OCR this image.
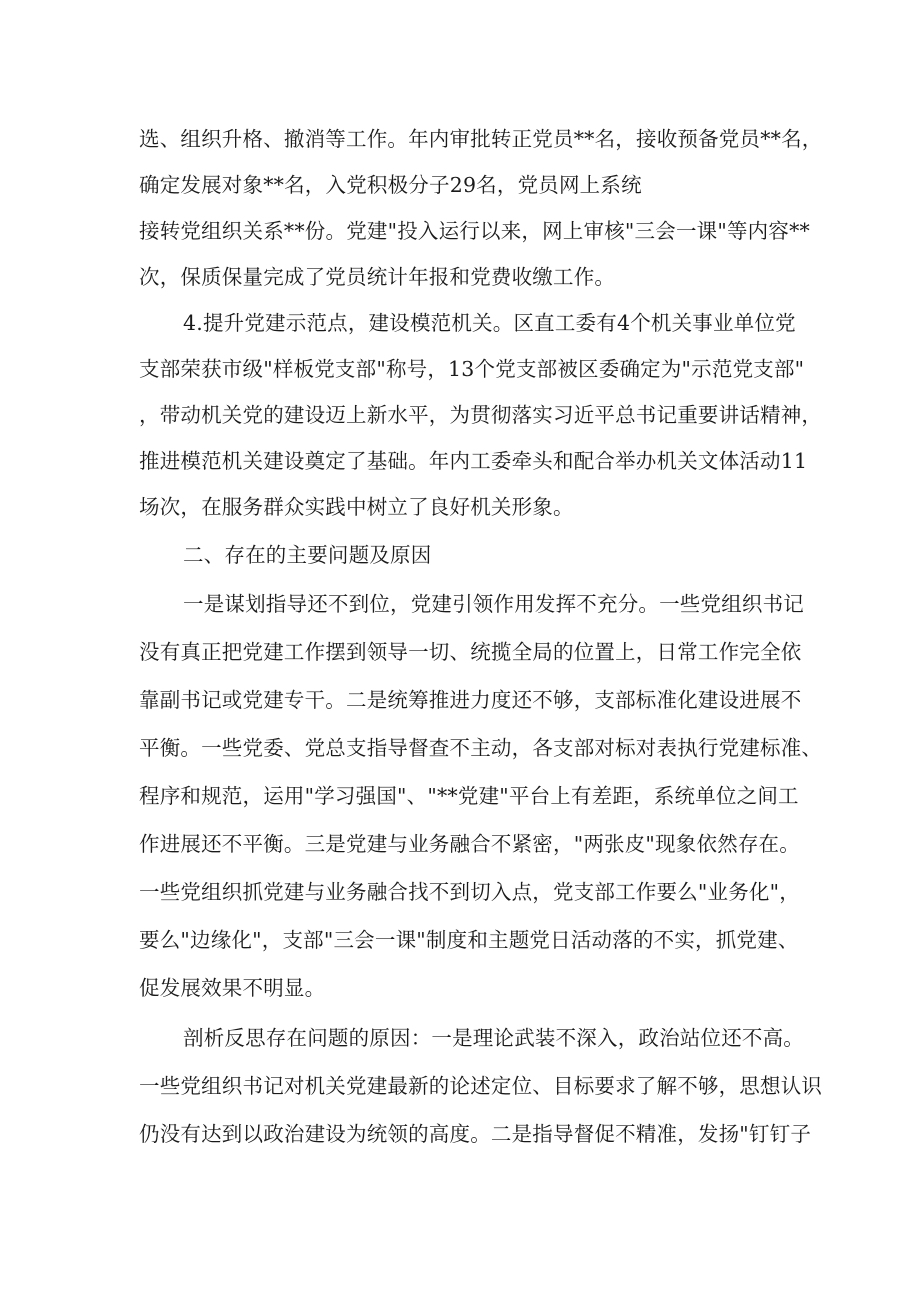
选、组织升格、撤消等工作。年内审批转正党员**名，接收预备党员**名，
确定发展对象**名，入党积极分子29名，党员网上系统
接转党组织关系**份。党建"投入运行以来，网上审核"三会一课"等内容**
次，保质保量完成了党员统计年报和党费收缴工作。
4.提升党建示范点，建设模范机关。区直工委有4个机关事业单位党
支部荣获市级"样板党支部"称号，13个党支部被区委确定为"示范党支部"
，带动机关党的建设迈上新水平，为贯彻落实习近平总书记重要讲话精神，
推进模范机关建设奠定了基础。年内工委牵头和配合举办机关文体活动11
场次，在服务群众实践中树立了良好机关形象。
二、存在的主要问题及原因
一是谋划指导还不到位，党建引领作用发挥不充分。一些党组织书记
没有真正把党建工作摆到领导一切、统揽全局的位置上，日常工作完全依
靠副书记或党建专干。二是统筹推进力度还不够，支部标准化建设进展不
平衡。一些党委、党总支指导督查不主动，各支部对标对表执行党建标准、
程序和规范，运用"学习强国"、"**党建"平台上有差距，系统单位之间工
作进展还不平衡。三是党建与业务融合不紧密，"两张皮"现象依然存在。
一些党组织抓党建与业务融合找不到切入点，党支部工作要么"业务化"，
要么"边缘化"，支部"三会一课"制度和主题党日活动落的不实，抓党建、
促发展效果不明显。
剖析反思存在问题的原因：一是理论武装不深入，政治站位还不高。
一些党组织书记对机关党建最新的论述定位、目标要求了解不够，思想认识
仍没有达到以政治建设为统领的高度。二是指导督促不精准，发扬"钉钉子
